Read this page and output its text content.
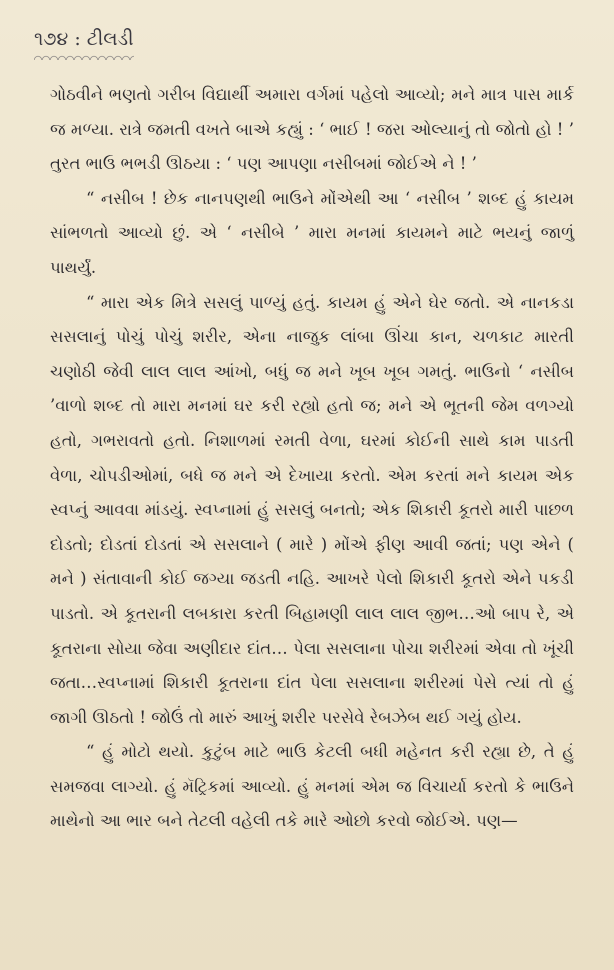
૧૭૪ : ટીલડી

ગોઠવીને ભણતો ગરીબ વિદ્યાર્થી અમારા વર્ગમાં પહેલો આવ્યો; મને માત્ર પાસ માર્ક જ મળ્યા. રાત્રે જમતી વખતે બાએ કહ્યું : ‘ ભાઈ ! જરા ઓલ્યાનું તો જોતો હો ! ’ તુરત ભાઉ ભભડી ઊઠયા : ‘ પણ આપણા નસીબમાં જોઈએ ને ! ’

“ નસીબ ! છેક નાનપણથી ભાઉને મોંએથી આ ‘ નસીબ ’ શબ્દ હું કાયમ સાંભળતો આવ્યો છું. એ ‘ નસીબે ’ મારા મનમાં કાયમને માટે ભયનું જાળું પાથર્યું.

“ મારા એક મિત્રે સસલું પાળ્યું હતું. કાયમ હું એને ઘેર જતો. એ નાનકડા સસલાનું પોચું પોચું શરીર, એના નાજુક લાંબા ઊંચા કાન, ચળકાટ મારતી ચણોઠી જેવી લાલ લાલ આંખો, બધું જ મને ખૂબ ખૂબ ગમતું. ભાઉનો ‘ નસીબ ’વાળો શબ્દ તો મારા મનમાં ઘર કરી રહ્યો હતો જ; મને એ ભૂતની જેમ વળગ્યો હતો, ગભરાવતો હતો. નિશાળમાં રમતી વેળા, ઘરમાં કોઈની સાથે કામ પાડતી વેળા, ચોપડીઓમાં, બધે જ મને એ દેખાયા કરતો. એમ કરતાં મને કાયમ એક સ્વપ્નું આવવા માંડયું. સ્વપ્નામાં હું સસલું બનતો; એક શિકારી કૂતરો મારી પાછળ દોડતો; દોડતાં દોડતાં એ સસલાને ( મારે ) મોંએ ફીણ આવી જતાં; પણ એને ( મને ) સંતાવાની કોઈ જગ્યા જડતી નહિ. આખરે પેલો શિકારી કૂતરો એને પકડી પાડતો. એ કૂતરાની લબકારા કરતી બિહામણી લાલ લાલ જીભ…ઓ બાપ રે, એ કૂતરાના સોયા જેવા અણીદાર દાંત… પેલા સસલાના પોચા શરીરમાં એવા તો ખૂંચી જતા…સ્વપ્નામાં શિકારી કૂતરાના દાંત પેલા સસલાના શરીરમાં પેસે ત્યાં તો હું જાગી ઊઠતો ! જોઉં તો મારું આખું શરીર પરસેવે રેબઝેબ થઈ ગયું હોય.

“ હું મોટો થયો. કુટુંબ માટે ભાઉ કેટલી બધી મહેનત કરી રહ્યા છે, તે હું સમજવા લાગ્યો. હું મૅટ્રિકમાં આવ્યો. હું મનમાં એમ જ વિચાર્યા કરતો કે ભાઉને માથેનો આ ભાર બને તેટલી વહેલી તકે મારે ઓછો કરવો જોઈએ. પણ—
